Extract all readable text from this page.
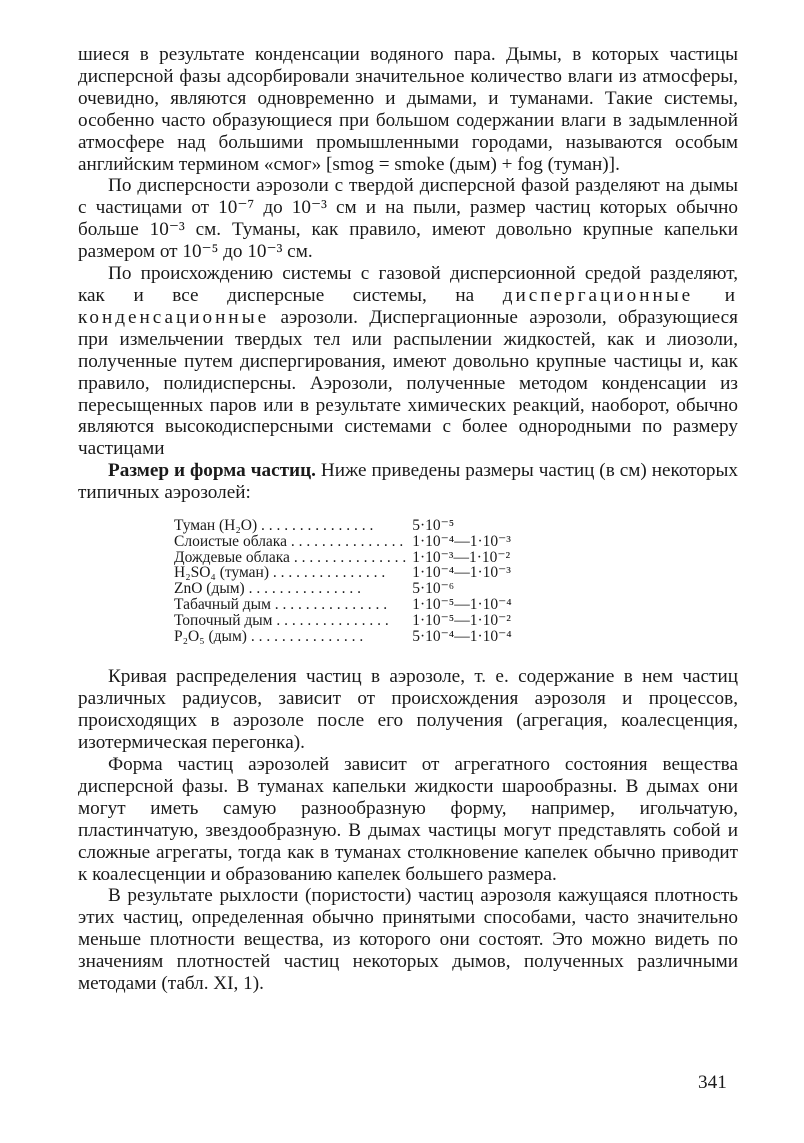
шиеся в результате конденсации водяного пара. Дымы, в которых частицы дисперсной фазы адсорбировали значительное количество влаги из атмосферы, очевидно, являются одновременно и дымами, и туманами. Такие системы, особенно часто образующиеся при большом содержании влаги в задымленной атмосфере над большими промышленными городами, называются особым английским термином «смог» [smog = smoke (дым) + fog (туман)].

По дисперсности аэрозоли с твердой дисперсной фазой разделяют на дымы с частицами от 10⁻⁷ до 10⁻³ см и на пыли, размер частиц которых обычно больше 10⁻³ см. Туманы, как правило, имеют довольно крупные капельки размером от 10⁻⁵ до 10⁻³ см.

По происхождению системы с газовой дисперсионной средой разделяют, как и все дисперсные системы, на диспергационные и конденсационные аэрозоли. Диспергационные аэрозоли, образующиеся при измельчении твердых тел или распылении жидкостей, как и лиозоли, полученные путем диспергирования, имеют довольно крупные частицы и, как правило, полидисперсны. Аэрозоли, полученные методом конденсации из пересыщенных паров или в результате химических реакций, наоборот, обычно являются высокодисперсными системами с более однородными по размеру частицами

Размер и форма частиц. Ниже приведены размеры частиц (в см) некоторых типичных аэрозолей:

Туман (H₂O) . . . . . . . . . . . . . . .	5·10⁻⁵
Слоистые облака . . . . . . . . . . . . . . .	1·10⁻⁴—1·10⁻³
Дождевые облака . . . . . . . . . . . . . . .	1·10⁻³—1·10⁻²
H₂SO₄ (туман) . . . . . . . . . . . . . . .	1·10⁻⁴—1·10⁻³
ZnO (дым) . . . . . . . . . . . . . . .	5·10⁻⁶
Табачный дым . . . . . . . . . . . . . . .	1·10⁻⁵—1·10⁻⁴
Топочный дым . . . . . . . . . . . . . . .	1·10⁻⁵—1·10⁻²
P₂O₅ (дым) . . . . . . . . . . . . . . .	5·10⁻⁴—1·10⁻⁴

Кривая распределения частиц в аэрозоле, т. е. содержание в нем частиц различных радиусов, зависит от происхождения аэрозоля и процессов, происходящих в аэрозоле после его получения (агрегация, коалесценция, изотермическая перегонка).

Форма частиц аэрозолей зависит от агрегатного состояния вещества дисперсной фазы. В туманах капельки жидкости шарообразны. В дымах они могут иметь самую разнообразную форму, например, игольчатую, пластинчатую, звездообразную. В дымах частицы могут представлять собой и сложные агрегаты, тогда как в туманах столкновение капелек обычно приводит к коалесценции и образованию капелек большего размера.

В результате рыхлости (пористости) частиц аэрозоля кажущаяся плотность этих частиц, определенная обычно принятыми способами, часто значительно меньше плотности вещества, из которого они состоят. Это можно видеть по значениям плотностей частиц некоторых дымов, полученных различными методами (табл. XI, 1).

341
